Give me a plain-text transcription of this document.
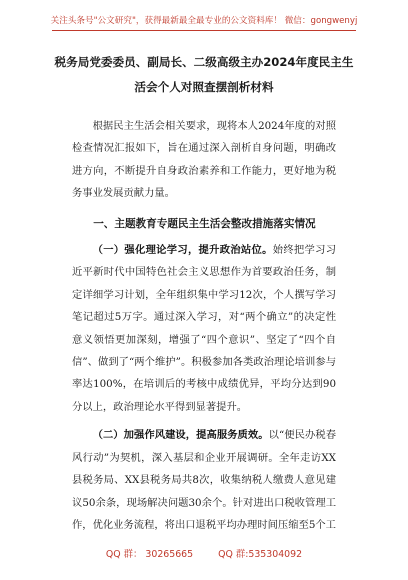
关注头条号"公文研究"，获得最新最全最专业的公文资料库！ 微信：gongwenyj
税务局党委委员、副局长、二级高级主办2024年度民主生
活会个人对照查摆剖析材料

根据民主生活会相关要求，现将本人2024年度的对照检查情况汇报如下，旨在通过深入剖析自身问题，明确改进方向，不断提升自身政治素养和工作能力，更好地为税务事业发展贡献力量。

一、主题教育专题民主生活会整改措施落实情况

（一）强化理论学习，提升政治站位。始终把学习习近平新时代中国特色社会主义思想作为首要政治任务，制定详细学习计划，全年组织集中学习12次，个人撰写学习笔记超过5万字。通过深入学习，对“两个确立”的决定性意义领悟更加深刻，增强了“四个意识”、坚定了“四个自信”、做到了“两个维护”。积极参加各类政治理论培训参与率达100%，在培训后的考核中成绩优异，平均分达到90分以上，政治理论水平得到显著提升。

（二）加强作风建设，提高服务质效。以“便民办税春风行动”为契机，深入基层和企业开展调研。全年走访XX县税务局、XX县税务局共8次，收集纳税人缴费人意见建议50余条，现场解决问题30余个。针对进出口税收管理工作，优化业务流程，将出口退税平均办理时间压缩至5个工

QQ 群： 30265665	QQ 群:535304092
